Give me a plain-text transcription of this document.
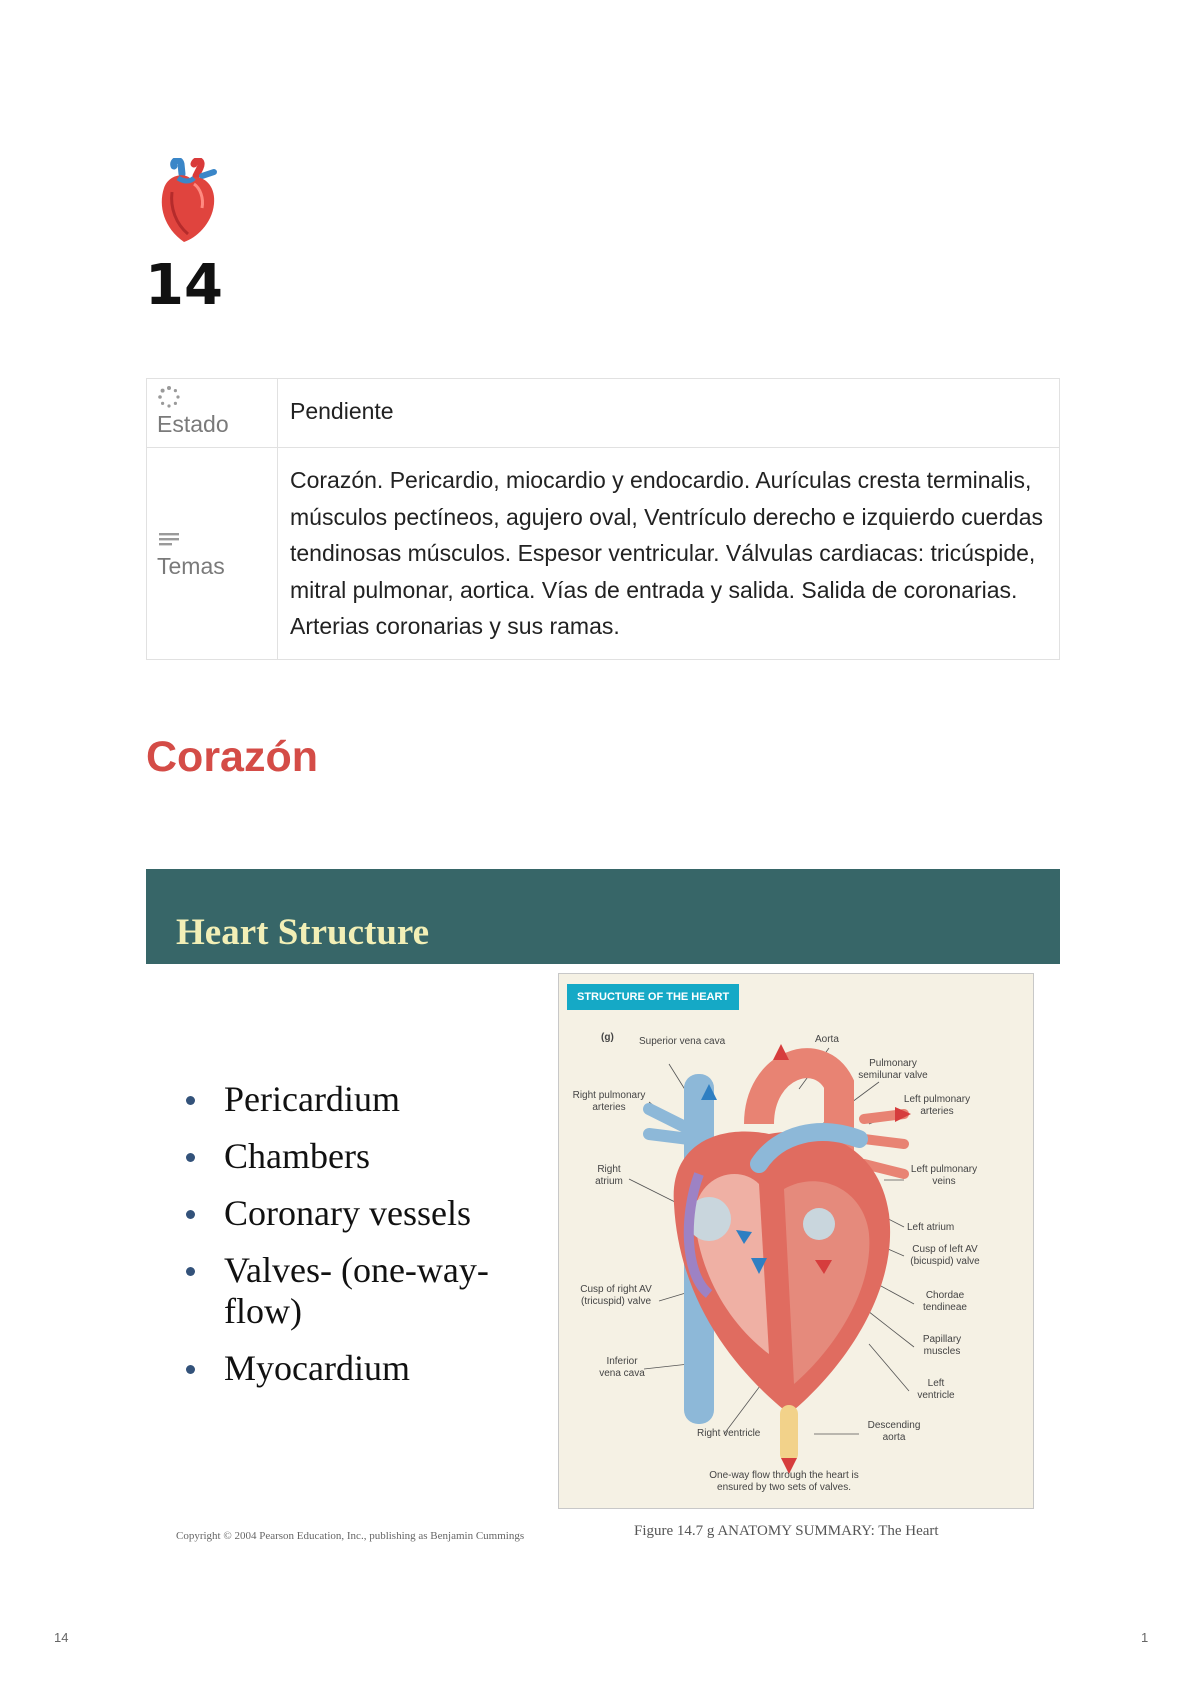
14
Estado	Pendiente

Temas	Corazón. Pericardio, miocardio y endocardio. Aurículas cresta terminalis, músculos pectíneos, agujero oval, Ventrículo derecho e izquierdo cuerdas tendinosas músculos. Espesor ventricular. Válvulas cardiacas: tricúspide, mitral pulmonar, aortica. Vías de entrada y salida. Salida de coronarias. Arterias coronarias y sus ramas.
Corazón
Heart Structure
Pericardium
Chambers
Coronary vessels
Valves- (one-way-flow)
Myocardium
STRUCTURE OF THE HEART
(g)	Superior vena cava	Aorta
Pulmonary semilunar valve
Right pulmonary arteries
Left pulmonary arteries
Right atrium
Left pulmonary veins
Left atrium
Cusp of left AV (bicuspid) valve
Cusp of right AV (tricuspid) valve
Chordae tendineae
Papillary muscles
Inferior vena cava
Left ventricle
Right ventricle
Descending aorta
One-way flow through the heart is ensured by two sets of valves.
Copyright © 2004 Pearson Education, Inc., publishing as Benjamin Cummings	Figure 14.7 g ANATOMY SUMMARY: The Heart
14	1
